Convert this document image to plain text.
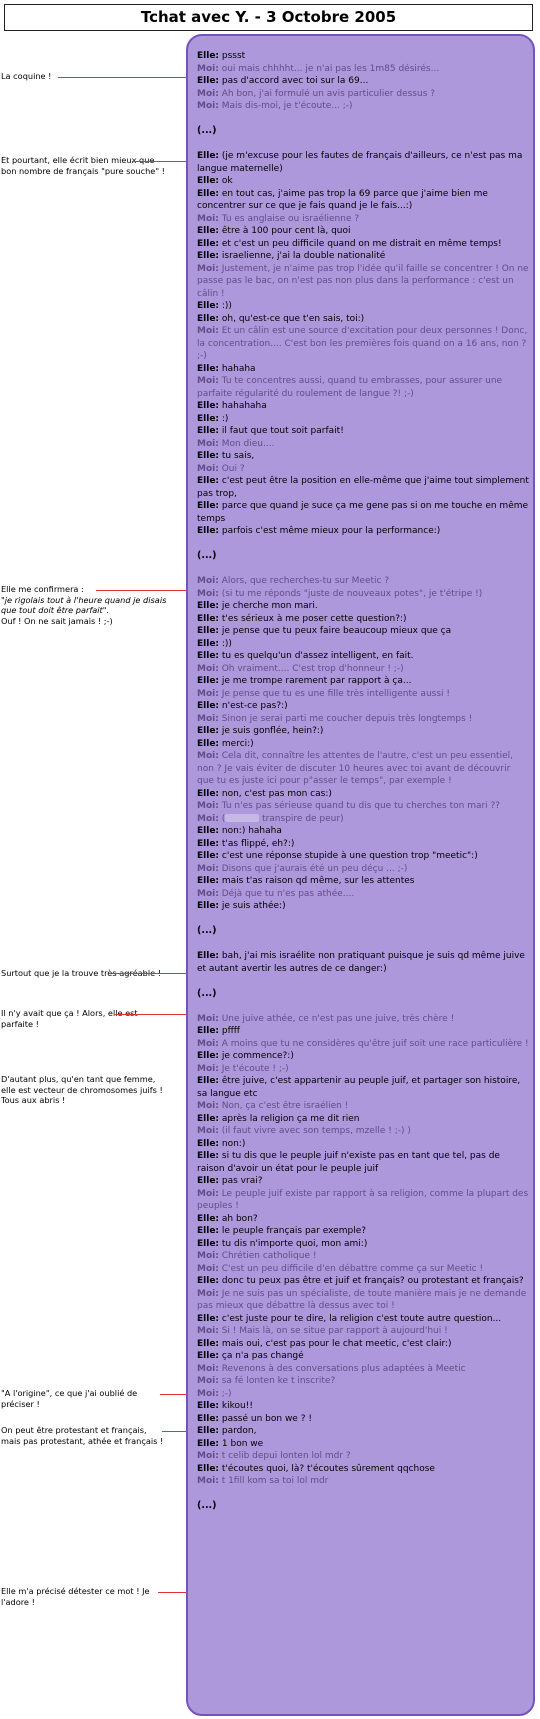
Tchat avec Y. - 3 Octobre 2005
La coquine !
Et pourtant, elle écrit bien mieux que bon nombre de français "pure souche" !
Elle me confirmera :
"je rigolais tout à l'heure quand je disais que tout doit être parfait".
Ouf ! On ne sait jamais ! ;-)
Surtout que je la trouve très agréable !
Il n'y avait que ça ! Alors, elle est parfaite !
D'autant plus, qu'en tant que femme, elle est vecteur de chromosomes juifs ! Tous aux abris !
"A l'origine", ce que j'ai oublié de préciser !
On peut être protestant et français, mais pas protestant, athée et français !
Elle m'a précisé détester ce mot ! Je l'adore !
Elle: pssst
Moi: oui mais chhhht... je n'ai pas les 1m85 désirés...
Elle: pas d'accord avec toi sur la 69...
Moi: Ah bon, j'ai formulé un avis particulier dessus ?
Moi: Mais dis-moi, je t'écoute... ;-)
(...)
Elle: (je m'excuse pour les fautes de français d'ailleurs, ce n'est pas ma langue maternelle)
Elle: ok
Elle: en tout cas, j'aime pas trop la 69 parce que j'aime bien me concentrer sur ce que je fais quand je le fais...:)
Moi: Tu es anglaise ou israélienne ?
Elle: être à 100 pour cent là, quoi
Elle: et c'est un peu difficile quand on me distrait en même temps!
Elle: israelienne, j'ai la double nationalité
Moi: Justement, je n'aime pas trop l'idée qu'il faille se concentrer ! On ne passe pas le bac, on n'est pas non plus dans la performance : c'est un câlin !
Elle: :))
Elle: oh, qu'est-ce que t'en sais, toi:)
Moi: Et un câlin est une source d'excitation pour deux personnes ! Donc, la concentration.... C'est bon les premières fois quand on a 16 ans, non ? ;-)
Elle: hahaha
Moi: Tu te concentres aussi, quand tu embrasses, pour assurer une parfaite régularité du roulement de langue ?! ;-)
Elle: hahahaha
Elle: :)
Elle: il faut que tout soit parfait!
Moi: Mon dieu....
Elle: tu sais,
Moi: Oui ?
Elle: c'est peut être la position en elle-même que j'aime tout simplement pas trop,
Elle: parce que quand je suce ça me gene pas si on me touche en même temps
Elle: parfois c'est même mieux pour la performance:)
(...)
Moi: Alors, que recherches-tu sur Meetic ?
Moi: (si tu me réponds "juste de nouveaux potes", je t'étripe !)
Elle: je cherche mon mari.
Elle: t'es sérieux à me poser cette question?:)
Elle: je pense que tu peux faire beaucoup mieux que ça
Elle: :))
Elle: tu es quelqu'un d'assez intelligent, en fait.
Moi: Oh vraiment.... C'est trop d'honneur ! ;-)
Elle: je me trompe rarement par rapport à ça...
Moi: Je pense que tu es une fille très intelligente aussi !
Elle: n'est-ce pas?:)
Moi: Sinon je serai parti me coucher depuis très longtemps !
Elle: je suis gonflée, hein?:)
Elle: merci:)
Moi: Cela dit, connaître les attentes de l'autre, c'est un peu essentiel, non ? Je vais éviter de discuter 10 heures avec toi avant de découvrir que tu es juste ici pour p"asser le temps", par exemple !
Elle: non, c'est pas mon cas:)
Moi: Tu n'es pas sérieuse quand tu dis que tu cherches ton mari ??
Moi: (	transpire de peur)
Elle: non:) hahaha
Elle: t'as flippé, eh?:)
Elle: c'est une réponse stupide à une question trop "meetic":)
Moi: Disons que j'aurais été un peu déçu ... ;-)
Elle: mais t'as raison qd même, sur les attentes
Moi: Déjà que tu n'es pas athée....
Elle: je suis athée:)
(...)
Elle: bah, j'ai mis israélite non pratiquant puisque je suis qd même juive et autant avertir les autres de ce danger:)
(...)
Moi: Une juive athée, ce n'est pas une juive, très chère !
Elle: pffff
Moi: A moins que tu ne considères qu'être juif soit une race particulière !
Elle: je commence?:)
Moi: Je t'écoute ! ;-)
Elle: être juive, c'est appartenir au peuple juif, et partager son histoire, sa langue etc
Moi: Non, ça c'est être israélien !
Elle: après la religion ça me dit rien
Moi: (il faut vivre avec son temps, mzelle ! ;-) )
Elle: non:)
Elle: si tu dis que le peuple juif n'existe pas en tant que tel, pas de raison d'avoir un état pour le peuple juif
Elle: pas vrai?
Moi: Le peuple juif existe par rapport à sa religion, comme la plupart des peuples !
Elle: ah bon?
Elle: le peuple français par exemple?
Elle: tu dis n'importe quoi, mon ami:)
Moi: Chrétien catholique !
Moi: C'est un peu difficile d'en débattre comme ça sur Meetic !
Elle: donc tu peux pas être et juif et français? ou protestant et français?
Moi: Je ne suis pas un spécialiste, de toute manière mais je ne demande pas mieux que débattre là dessus avec toi !
Elle: c'est juste pour te dire, la religion c'est toute autre question...
Moi: Si ! Mais là, on se situe par rapport à aujourd'hui !
Elle: mais oui, c'est pas pour le chat meetic, c'est clair:)
Elle: ça n'a pas changé
Moi: Revenons à des conversations plus adaptées à Meetic
Moi: sa fé lonten ke t inscrite?
Moi: ;-)
Elle: kikou!!
Elle: passé un bon we ? !
Elle: pardon,
Elle: 1 bon we
Moi: t celib depui lonten lol mdr ?
Elle: t'écoutes quoi, là? t'écoutes sûrement qqchose
Moi: t 1fill kom sa toi lol mdr
(...)
